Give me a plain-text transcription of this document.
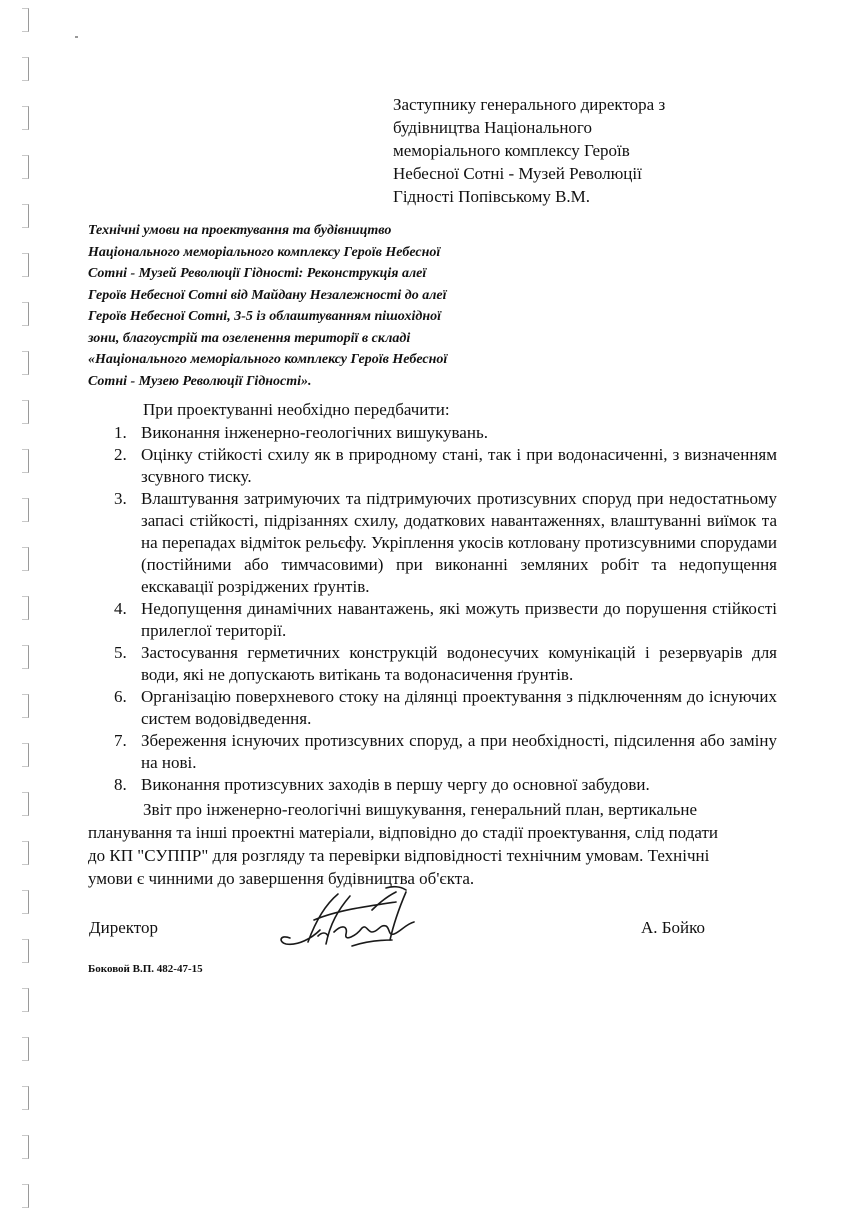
Заступнику генерального директора з
будівництва Національного
меморіального комплексу Героїв
Небесної Сотні - Музей Революції
Гідності Попівському В.М.
Технічні умови на проектування та будівництво
Національного меморіального комплексу Героїв Небесної
Сотні - Музей Революції Гідності: Реконструкція алеї
Героїв Небесної Сотні від Майдану Незалежності до алеї
Героїв Небесної Сотні, 3-5 із облаштуванням пішохідної
зони, благоустрій та озеленення території в складі
«Національного меморіального комплексу Героїв Небесної
Сотні - Музею Революції Гідності».
При проектуванні необхідно передбачити:
1. Виконання інженерно-геологічних вишукувань.
2. Оцінку стійкості схилу як в природному стані, так і при водонасиченні, з визначенням зсувного тиску.
3. Влаштування затримуючих та підтримуючих протизсувних споруд при недостатньому запасі стійкості, підрізаннях схилу, додаткових навантаженнях, влаштуванні виїмок та на перепадах відміток рельєфу. Укріплення укосів котловану протизсувними спорудами (постійними або тимчасовими) при виконанні земляних робіт та недопущення екскавації розріджених ґрунтів.
4. Недопущення динамічних навантажень, які можуть призвести до порушення стійкості прилеглої території.
5. Застосування герметичних конструкцій водонесучих комунікацій і резервуарів для води, які не допускають витікань та водонасичення ґрунтів.
6. Організацію поверхневого стоку на ділянці проектування з підключенням до існуючих систем водовідведення.
7. Збереження існуючих протизсувних споруд, а при необхідності, підсилення або заміну на нові.
8. Виконання протизсувних заходів в першу чергу до основної забудови.
Звіт про інженерно-геологічні вишукування, генеральний план, вертикальне
планування та інші проектні матеріали, відповідно до стадії проектування, слід подати
до КП "СУППР" для розгляду та перевірки відповідності технічним умовам. Технічні
умови є чинними до завершення будівництва об'єкта.
Директор	А. Бойко
Боковой В.П. 482-47-15
